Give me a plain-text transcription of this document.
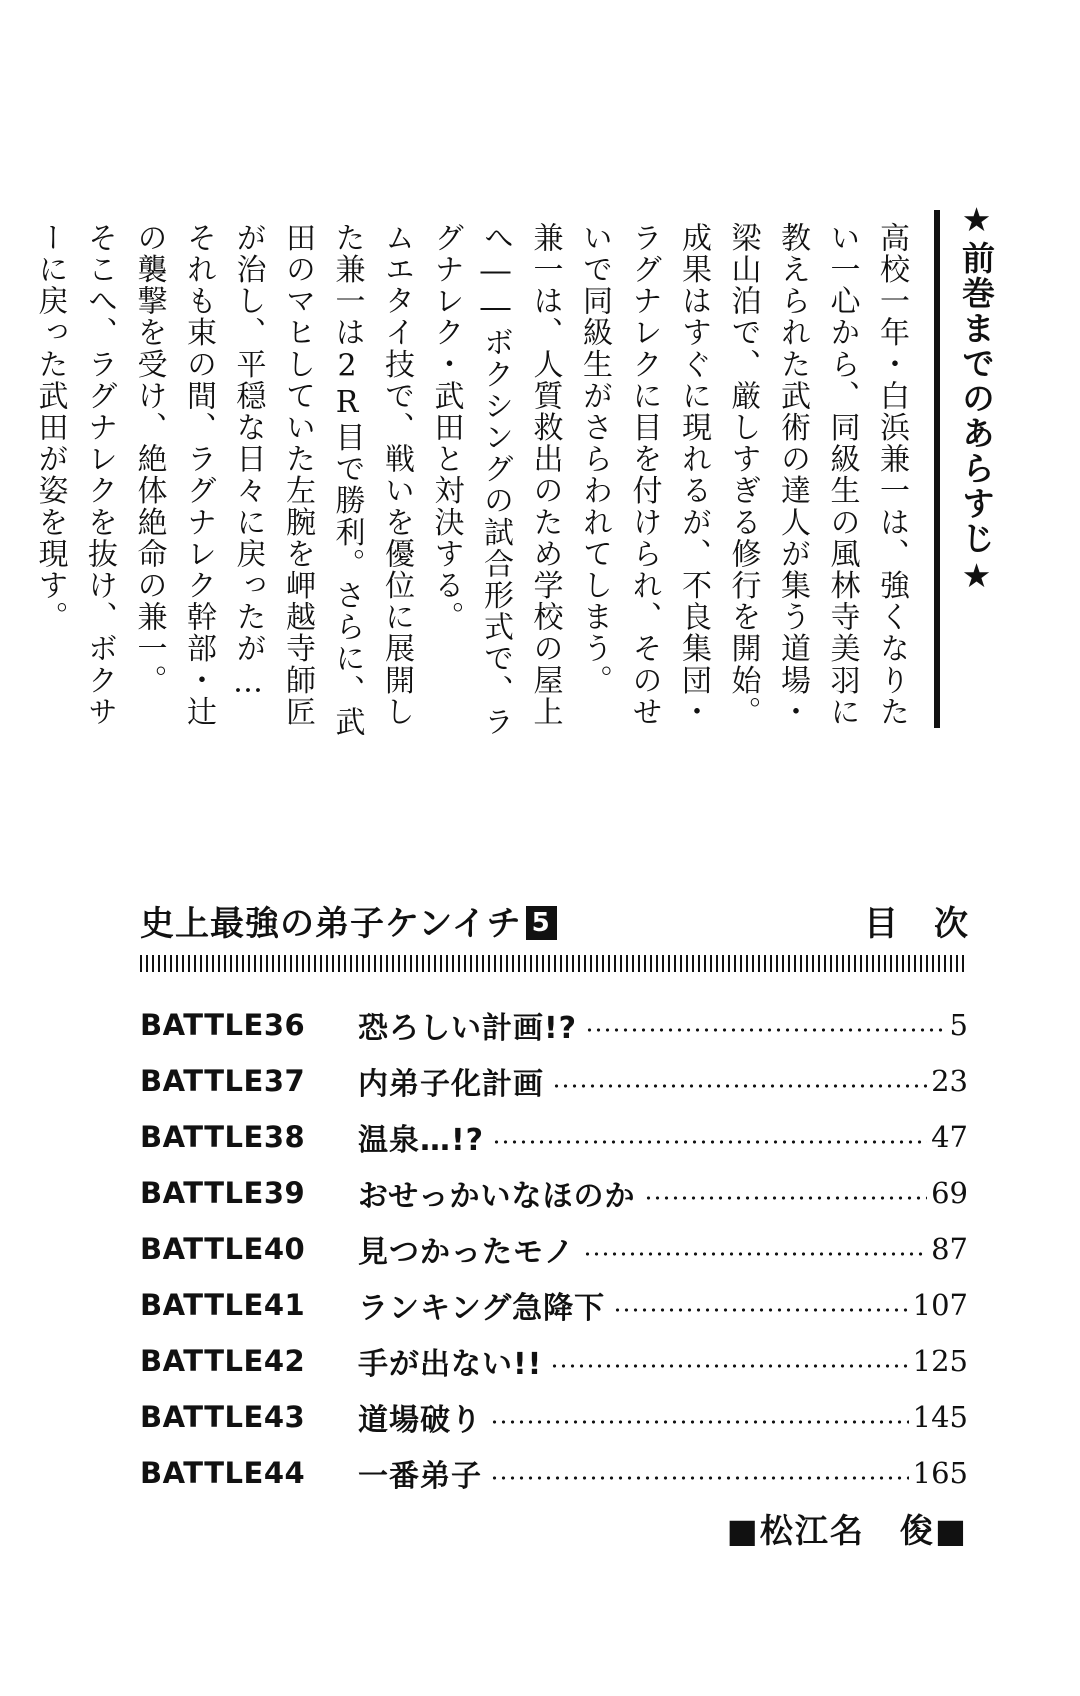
★前巻までのあらすじ★

高校一年・白浜兼一は、強くなりたい一心から、同級生の風林寺美羽に教えられた武術の達人が集う道場・梁山泊で、厳しすぎる修行を開始。成果はすぐに現れるが、不良集団・ラグナレクに目を付けられ、そのせいで同級生がさらわれてしまう。

兼一は、人質救出のため学校の屋上へ――ボクシングの試合形式で、ラグナレク・武田と対決する。

ムエタイ技で、戦いを優位に展開した兼一は2R目で勝利。さらに、武田のマヒしていた左腕を岬越寺師匠が治し、平穏な日々に戻ったが…

それも束の間、ラグナレク幹部・辻の襲撃を受け、絶体絶命の兼一。

そこへ、ラグナレクを抜け、ボクサーに戻った武田が姿を現す。

史上最強の弟子ケンイチ 5	目次
BATTLE36	恐ろしい計画!?	5
BATTLE37	内弟子化計画	23
BATTLE38	温泉…!?	47
BATTLE39	おせっかいなほのか	69
BATTLE40	見つかったモノ	87
BATTLE41	ランキング急降下	107
BATTLE42	手が出ない!!	125
BATTLE43	道場破り	145
BATTLE44	一番弟子	165
■松江名　俊■
